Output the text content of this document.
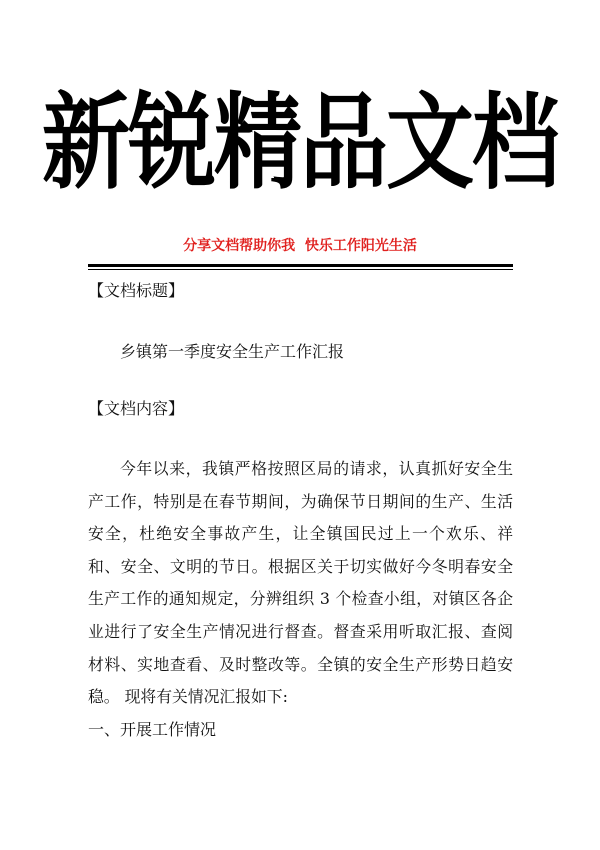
新锐精品文档
分享文档帮助你我  快乐工作阳光生活
【文档标题】
乡镇第一季度安全生产工作汇报
【文档内容】
今年以来，我镇严格按照区局的请求，认真抓好安全生产工作，特别是在春节期间，为确保节日期间的生产、生活安全，杜绝安全事故产生，让全镇国民过上一个欢乐、祥和、安全、文明的节日。根据区关于切实做好今冬明春安全生产工作的通知规定，分辨组织 3 个检查小组，对镇区各企业进行了安全生产情况进行督查。督查采用听取汇报、查阅材料、实地查看、及时整改等。全镇的安全生产形势日趋安稳。 现将有关情况汇报如下:
一、开展工作情况
